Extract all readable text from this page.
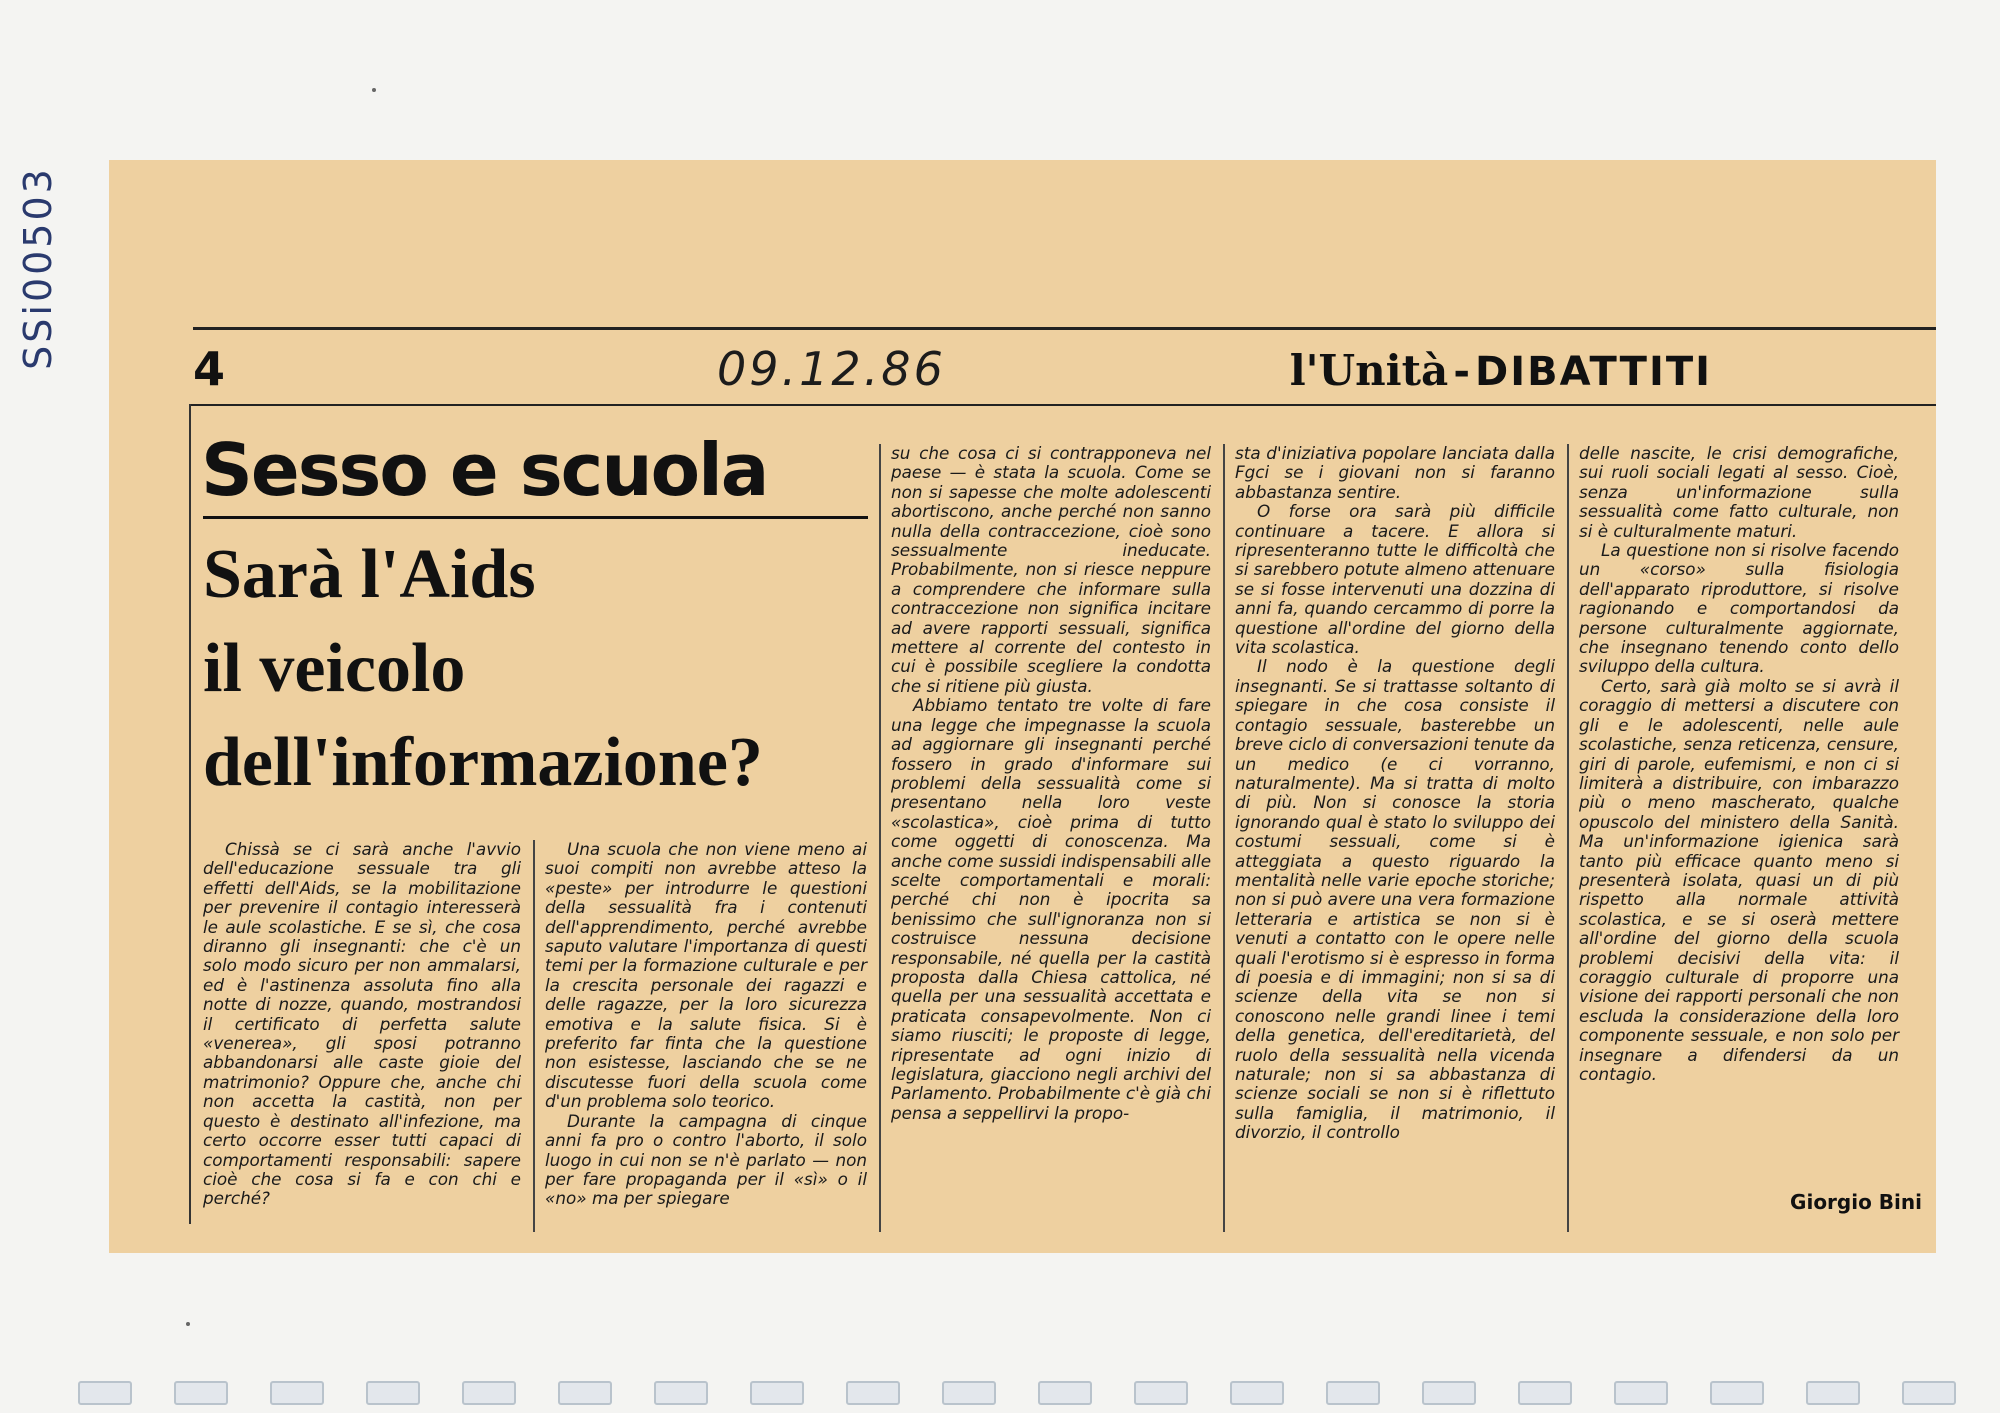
SSi00503	4	09.12.86	l'Unità - DIBATTITI
Sesso e scuola
Sarà l'Aids
il veicolo
dell'informazione?

Chissà se ci sarà anche l'avvio dell'educazione sessuale tra gli effetti dell'Aids, se la mobilitazione per prevenire il contagio interesserà le aule scolastiche. E se sì, che cosa diranno gli insegnanti: che c'è un solo modo sicuro per non ammalarsi, ed è l'astinenza assoluta fino alla notte di nozze, quando, mostrandosi il certificato di perfetta salute «venerea», gli sposi potranno abbandonarsi alle caste gioie del matrimonio? Oppure che, anche chi non accetta la castità, non per questo è destinato all'infezione, ma certo occorre esser tutti capaci di comportamenti responsabili: sapere cioè che cosa si fa e con chi e perché?

Una scuola che non viene meno ai suoi compiti non avrebbe atteso la «peste» per introdurre le questioni della sessualità fra i contenuti dell'apprendimento, perché avrebbe saputo valutare l'importanza di questi temi per la formazione culturale e per la crescita personale dei ragazzi e delle ragazze, per la loro sicurezza emotiva e la salute fisica. Si è preferito far finta che la questione non esistesse, lasciando che se ne discutesse fuori della scuola come d'un problema solo teorico.

Durante la campagna di cinque anni fa pro o contro l'aborto, il solo luogo in cui non se n'è parlato — non per fare propaganda per il «sì» o il «no» ma per spiegare

su che cosa ci si contrapponeva nel paese — è stata la scuola. Come se non si sapesse che molte adolescenti abortiscono, anche perché non sanno nulla della contraccezione, cioè sono sessualmente ineducate. Probabilmente, non si riesce neppure a comprendere che informare sulla contraccezione non significa incitare ad avere rapporti sessuali, significa mettere al corrente del contesto in cui è possibile scegliere la condotta che si ritiene più giusta.

Abbiamo tentato tre volte di fare una legge che impegnasse la scuola ad aggiornare gli insegnanti perché fossero in grado d'informare sui problemi della sessualità come si presentano nella loro veste «scolastica», cioè prima di tutto come oggetti di conoscenza. Ma anche come sussidi indispensabili alle scelte comportamentali e morali: perché chi non è ipocrita sa benissimo che sull'ignoranza non si costruisce nessuna decisione responsabile, né quella per la castità proposta dalla Chiesa cattolica, né quella per una sessualità accettata e praticata consapevolmente. Non ci siamo riusciti; le proposte di legge, ripresentate ad ogni inizio di legislatura, giacciono negli archivi del Parlamento. Probabilmente c'è già chi pensa a seppellirvi la propo-

sta d'iniziativa popolare lanciata dalla Fgci se i giovani non si faranno abbastanza sentire.

O forse ora sarà più difficile continuare a tacere. E allora si ripresenteranno tutte le difficoltà che si sarebbero potute almeno attenuare se si fosse intervenuti una dozzina di anni fa, quando cercammo di porre la questione all'ordine del giorno della vita scolastica.

Il nodo è la questione degli insegnanti. Se si trattasse soltanto di spiegare in che cosa consiste il contagio sessuale, basterebbe un breve ciclo di conversazioni tenute da un medico (e ci vorranno, naturalmente). Ma si tratta di molto di più. Non si conosce la storia ignorando qual è stato lo sviluppo dei costumi sessuali, come si è atteggiata a questo riguardo la mentalità nelle varie epoche storiche; non si può avere una vera formazione letteraria e artistica se non si è venuti a contatto con le opere nelle quali l'erotismo si è espresso in forma di poesia e di immagini; non si sa di scienze della vita se non si conoscono nelle grandi linee i temi della genetica, dell'ereditarietà, del ruolo della sessualità nella vicenda naturale; non si sa abbastanza di scienze sociali se non si è riflettuto sulla famiglia, il matrimonio, il divorzio, il controllo

delle nascite, le crisi demografiche, sui ruoli sociali legati al sesso. Cioè, senza un'informazione sulla sessualità come fatto culturale, non si è culturalmente maturi.

La questione non si risolve facendo un «corso» sulla fisiologia dell'apparato riproduttore, si risolve ragionando e comportandosi da persone culturalmente aggiornate, che insegnano tenendo conto dello sviluppo della cultura.

Certo, sarà già molto se si avrà il coraggio di mettersi a discutere con gli e le adolescenti, nelle aule scolastiche, senza reticenza, censure, giri di parole, eufemismi, e non ci si limiterà a distribuire, con imbarazzo più o meno mascherato, qualche opuscolo del ministero della Sanità. Ma un'informazione igienica sarà tanto più efficace quanto meno si presenterà isolata, quasi un di più rispetto alla normale attività scolastica, e se si oserà mettere all'ordine del giorno della scuola problemi decisivi della vita: il coraggio culturale di proporre una visione dei rapporti personali che non escluda la considerazione della loro componente sessuale, e non solo per insegnare a difendersi da un contagio.

Giorgio Bini
